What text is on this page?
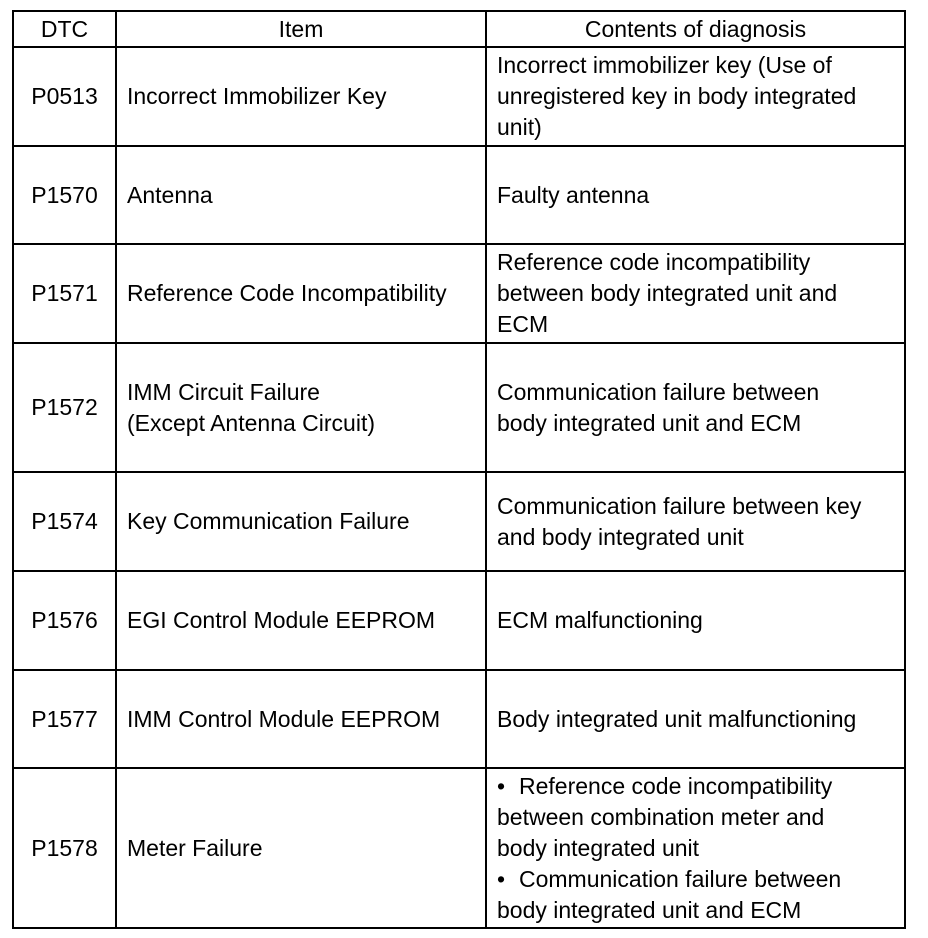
DTC	Item	Contents of diagnosis
P0513	Incorrect Immobilizer Key	Incorrect immobilizer key (Use of
unregistered key in body integrated
unit)

P1570	Antenna	Faulty antenna

P1571	Reference Code Incompatibility	Reference code incompatibility
between body integrated unit and
ECM

P1572	IMM Circuit Failure
(Except Antenna Circuit)	Communication failure between
body integrated unit and ECM

P1574	Key Communication Failure	Communication failure between key
and body integrated unit

P1576	EGI Control Module EEPROM	ECM malfunctioning

P1577	IMM Control Module EEPROM	Body integrated unit malfunctioning

P1578	Meter Failure	• Reference code incompatibility
between combination meter and
body integrated unit
• Communication failure between
body integrated unit and ECM
